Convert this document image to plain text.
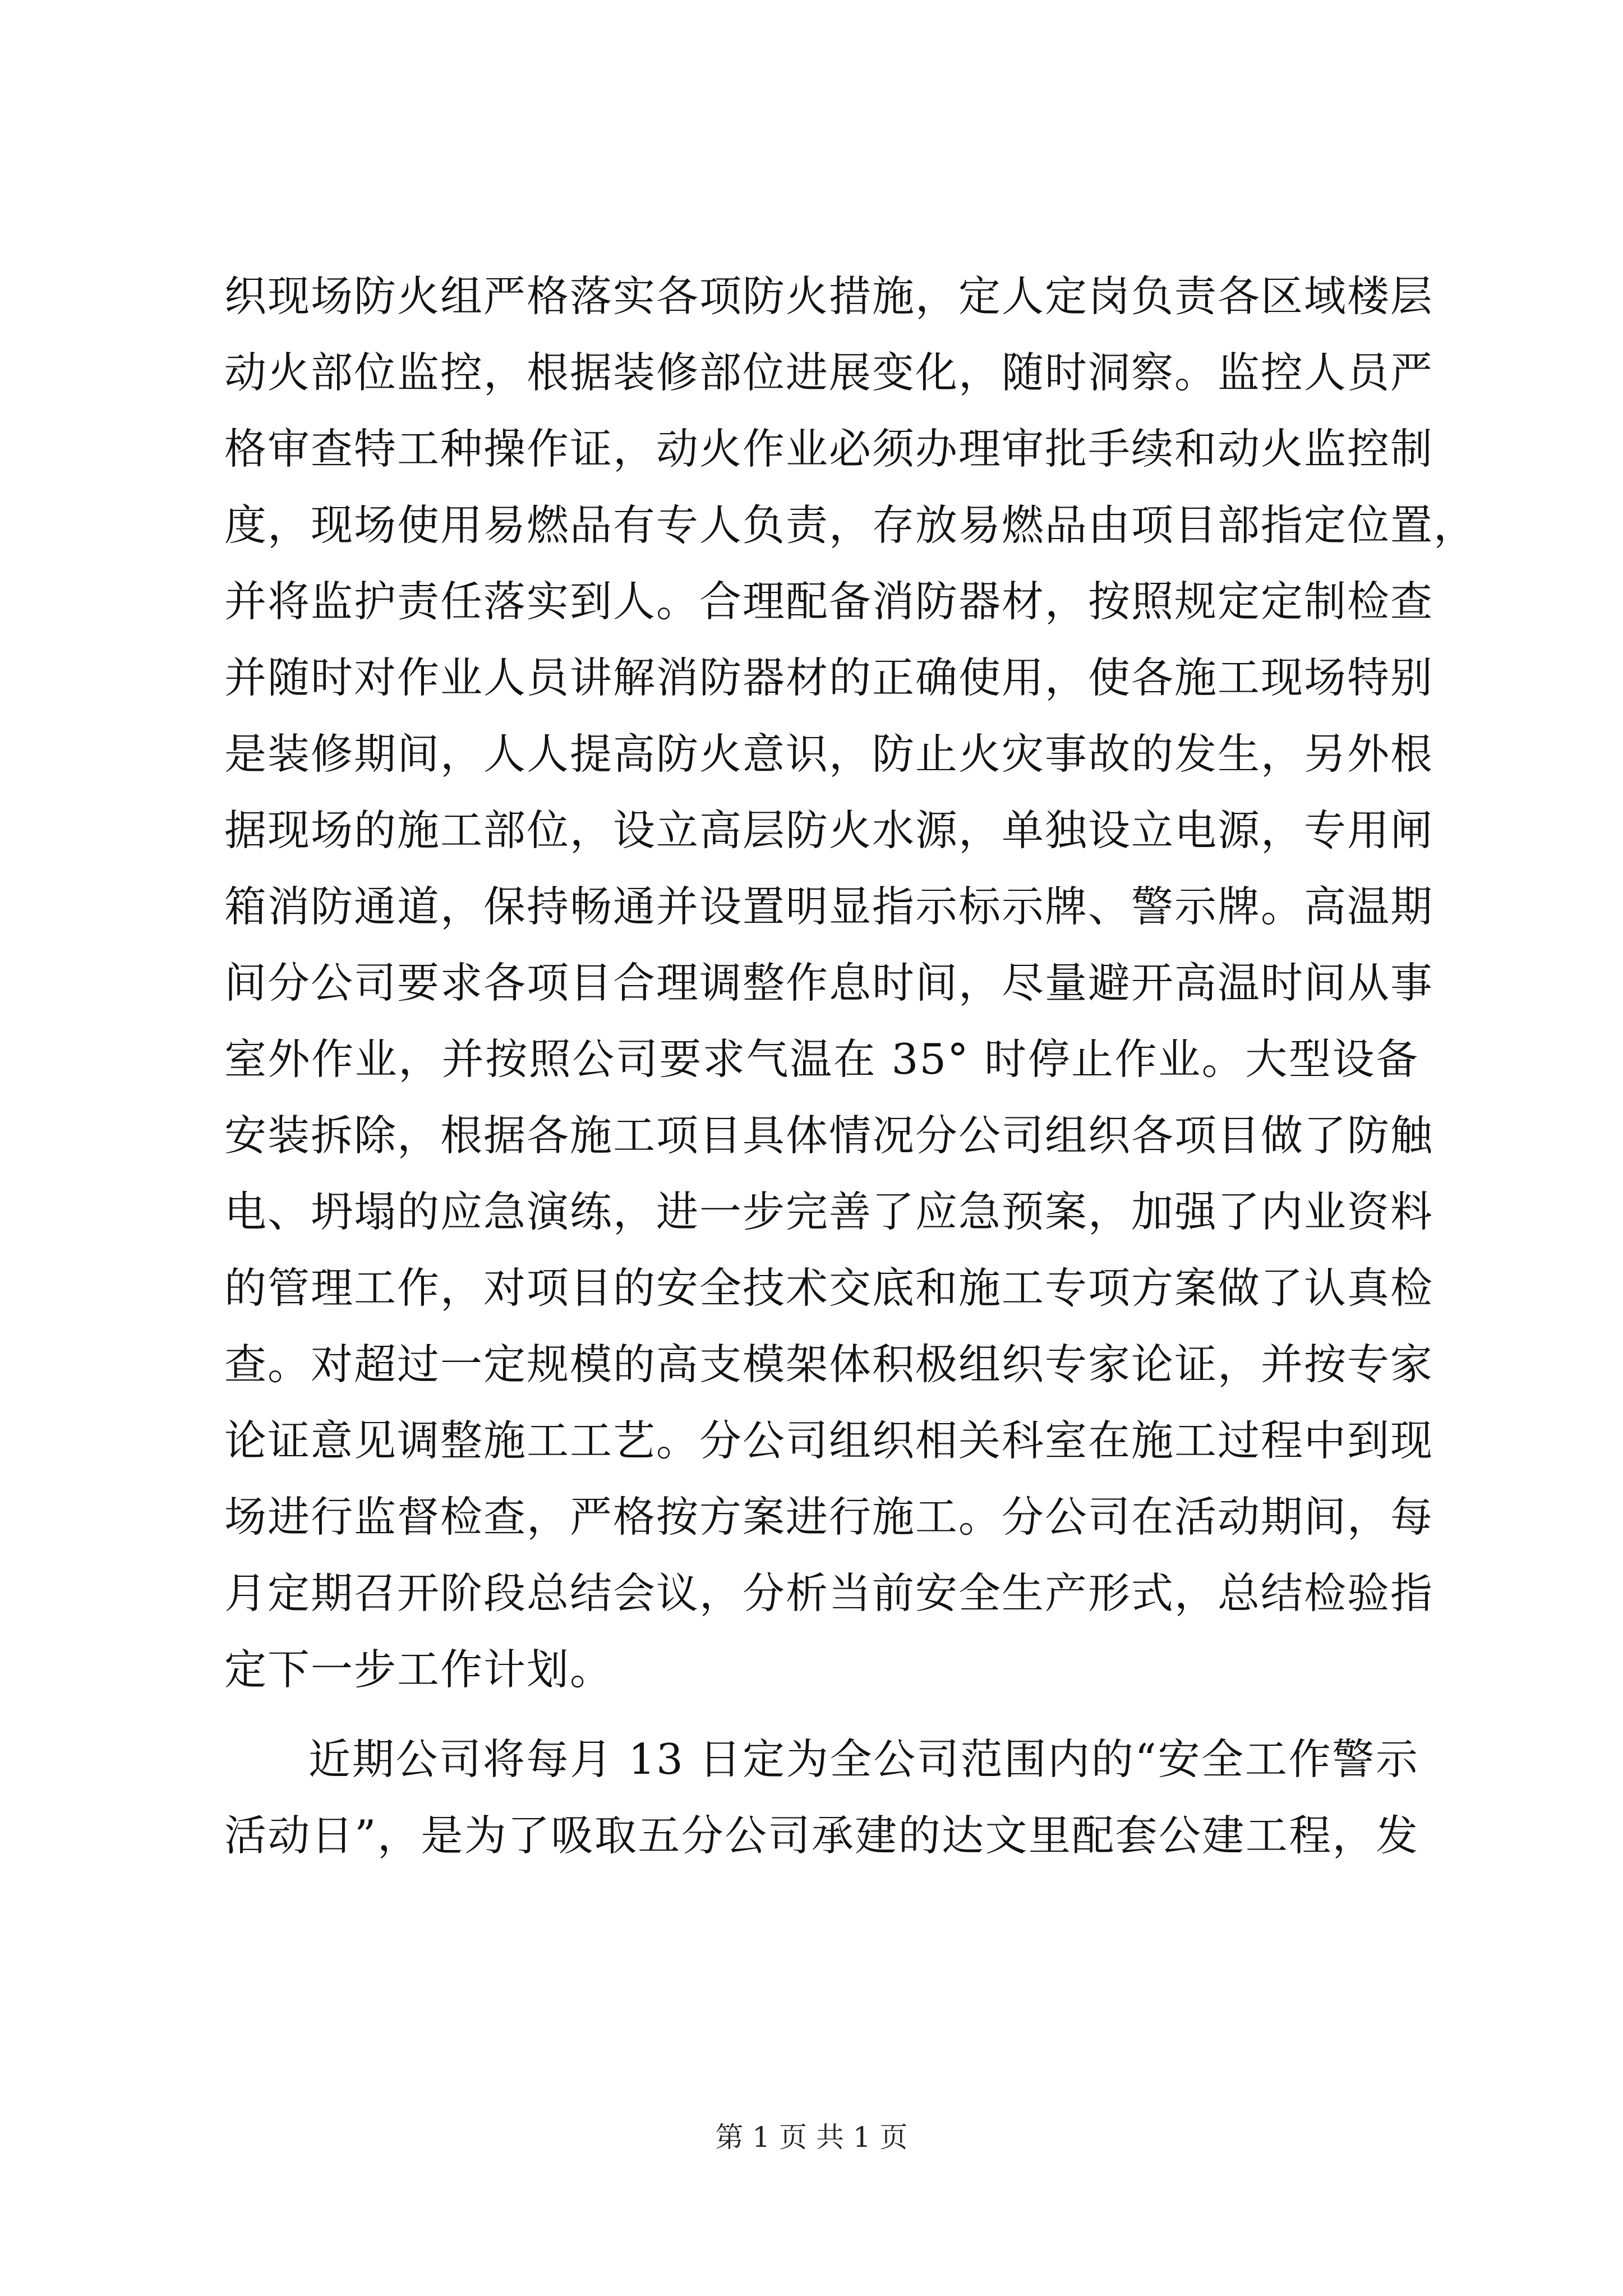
织现场防火组严格落实各项防火措施，定人定岗负责各区域楼层
动火部位监控，根据装修部位进展变化，随时洞察。监控人员严
格审查特工种操作证，动火作业必须办理审批手续和动火监控制
度，现场使用易燃品有专人负责，存放易燃品由项目部指定位置，
并将监护责任落实到人。合理配备消防器材，按照规定定制检查
并随时对作业人员讲解消防器材的正确使用，使各施工现场特别
是装修期间，人人提高防火意识，防止火灾事故的发生，另外根
据现场的施工部位，设立高层防火水源，单独设立电源，专用闸
箱消防通道，保持畅通并设置明显指示标示牌、警示牌。高温期
间分公司要求各项目合理调整作息时间，尽量避开高温时间从事
室外作业，并按照公司要求气温在 35° 时停止作业。大型设备
安装拆除，根据各施工项目具体情况分公司组织各项目做了防触
电、坍塌的应急演练，进一步完善了应急预案，加强了内业资料
的管理工作，对项目的安全技术交底和施工专项方案做了认真检
查。对超过一定规模的高支模架体积极组织专家论证，并按专家
论证意见调整施工工艺。分公司组织相关科室在施工过程中到现
场进行监督检查，严格按方案进行施工。分公司在活动期间，每
月定期召开阶段总结会议，分析当前安全生产形式，总结检验指
定下一步工作计划。
近期公司将每月 13 日定为全公司范围内的“安全工作警示
活动日”，是为了吸取五分公司承建的达文里配套公建工程，发
第 1 页 共 1 页
